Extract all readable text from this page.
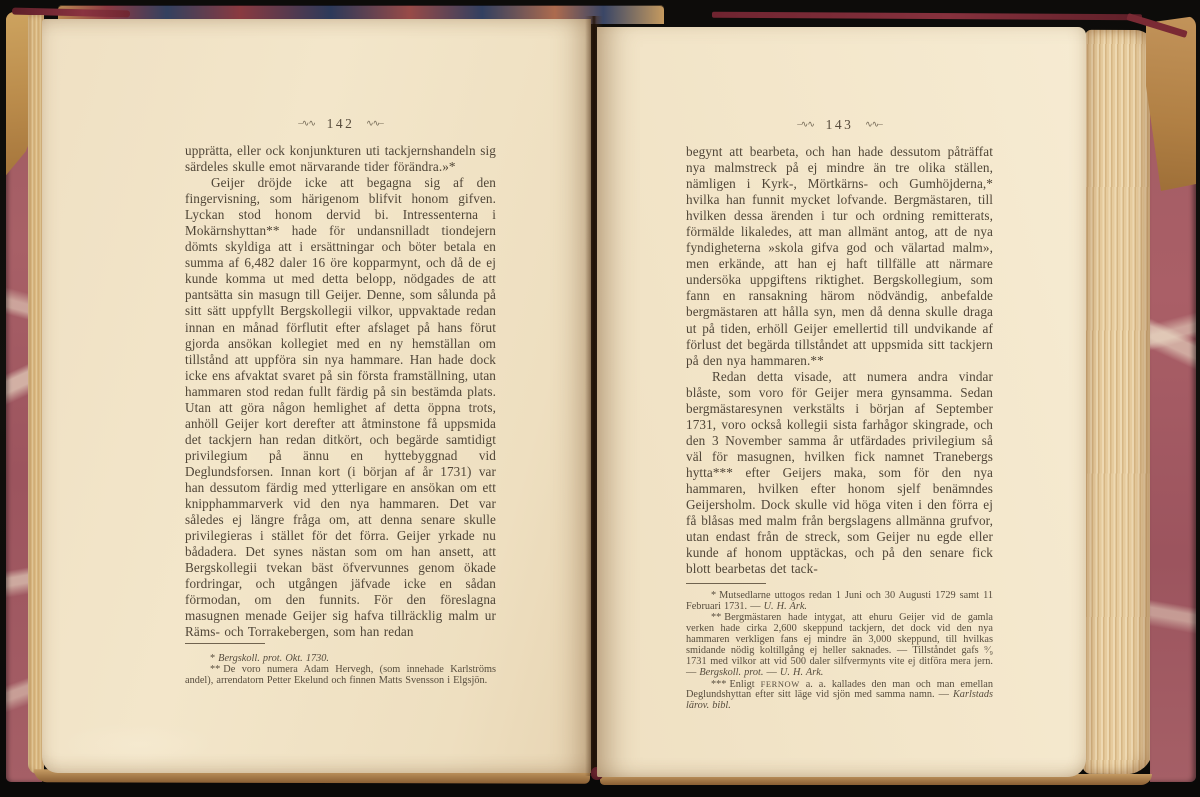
–∿∿ 142 ∿∿–

upprätta, eller ock konjunkturen uti tackjernshandeln sig särdeles skulle emot närvarande tider förändra.»*

Geijer dröjde icke att begagna sig af den fingervisning, som härigenom blifvit honom gifven. Lyckan stod honom dervid bi. Intressenterna i Mokärnshyttan** hade för undansnilladt tiondejern dömts skyldiga att i ersättningar och böter betala en summa af 6,482 daler 16 öre kopparmynt, och då de ej kunde komma ut med detta belopp, nödgades de att pantsätta sin masugn till Geijer. Denne, som sålunda på sitt sätt uppfyllt Bergskollegii vilkor, uppvaktade redan innan en månad förflutit efter afslaget på hans förut gjorda ansökan kollegiet med en ny hemställan om tillstånd att uppföra sin nya hammare. Han hade dock icke ens afvaktat svaret på sin första framställning, utan hammaren stod redan fullt färdig på sin bestämda plats. Utan att göra någon hemlighet af detta öppna trots, anhöll Geijer kort derefter att åtminstone få uppsmida det tackjern han redan ditkört, och begärde samtidigt privilegium på ännu en hyttebyggnad vid Deglundsforsen. Innan kort (i början af år 1731) var han dessutom färdig med ytterligare en ansökan om ett knipphammarverk vid den nya hammaren. Det var således ej längre fråga om, att denna senare skulle privilegieras i stället för det förra. Geijer yrkade nu bådadera. Det synes nästan som om han ansett, att Bergskollegii tvekan bäst öfvervunnes genom ökade fordringar, och utgången jäfvade icke en sådan förmodan, om den funnits. För den föreslagna masugnen menade Geijer sig hafva tillräcklig malm ur Räms- och Torrakebergen, som han redan

* Bergskoll. prot. Okt. 1730.

** De voro numera Adam Hervegh, (som innehade Karlströms andel), arrendatorn Petter Ekelund och finnen Matts Svensson i Elgsjön.

–∿∿ 143 ∿∿–

begynt att bearbeta, och han hade dessutom påträffat nya malmstreck på ej mindre än tre olika ställen, nämligen i Kyrk-, Mörtkärns- och Gumhöjderna,* hvilka han funnit mycket lofvande. Bergmästaren, till hvilken dessa ärenden i tur och ordning remitterats, förmälde likaledes, att man allmänt antog, att de nya fyndigheterna »skola gifva god och välartad malm», men erkände, att han ej haft tillfälle att närmare undersöka uppgiftens riktighet. Bergskollegium, som fann en ransakning härom nödvändig, anbefalde bergmästaren att hålla syn, men då denna skulle draga ut på tiden, erhöll Geijer emellertid till undvikande af förlust det begärda tillståndet att uppsmida sitt tackjern på den nya hammaren.**

Redan detta visade, att numera andra vindar blåste, som voro för Geijer mera gynsamma. Sedan bergmästaresynen verkstälts i början af September 1731, voro också kollegii sista farhågor skingrade, och den 3 November samma år utfärdades privilegium så väl för masugnen, hvilken fick namnet Tranebergs hytta*** efter Geijers maka, som för den nya hammaren, hvilken efter honom sjelf benämndes Geijersholm. Dock skulle vid höga viten i den förra ej få blåsas med malm från bergslagens allmänna grufvor, utan endast från de streck, som Geijer nu egde eller kunde af honom upptäckas, och på den senare fick blott bearbetas det tack-

* Mutsedlarne uttogos redan 1 Juni och 30 Augusti 1729 samt 11 Februari 1731. — U. H. Ark.

** Bergmästaren hade intygat, att ehuru Geijer vid de gamla verken hade cirka 2,600 skeppund tackjern, det dock vid den nya hammaren verkligen fans ej mindre än 3,000 skeppund, till hvilkas smidande nödig koltillgång ej heller saknades. — Tillståndet gafs ⁹⁄₉ 1731 med vilkor att vid 500 daler silfvermynts vite ej ditföra mera jern. — Bergskoll. prot. — U. H. Ark.

*** Enligt FERNOW a. a. kallades den man och man emellan Deglundshyttan efter sitt läge vid sjön med samma namn. — Karlstads lärov. bibl.
